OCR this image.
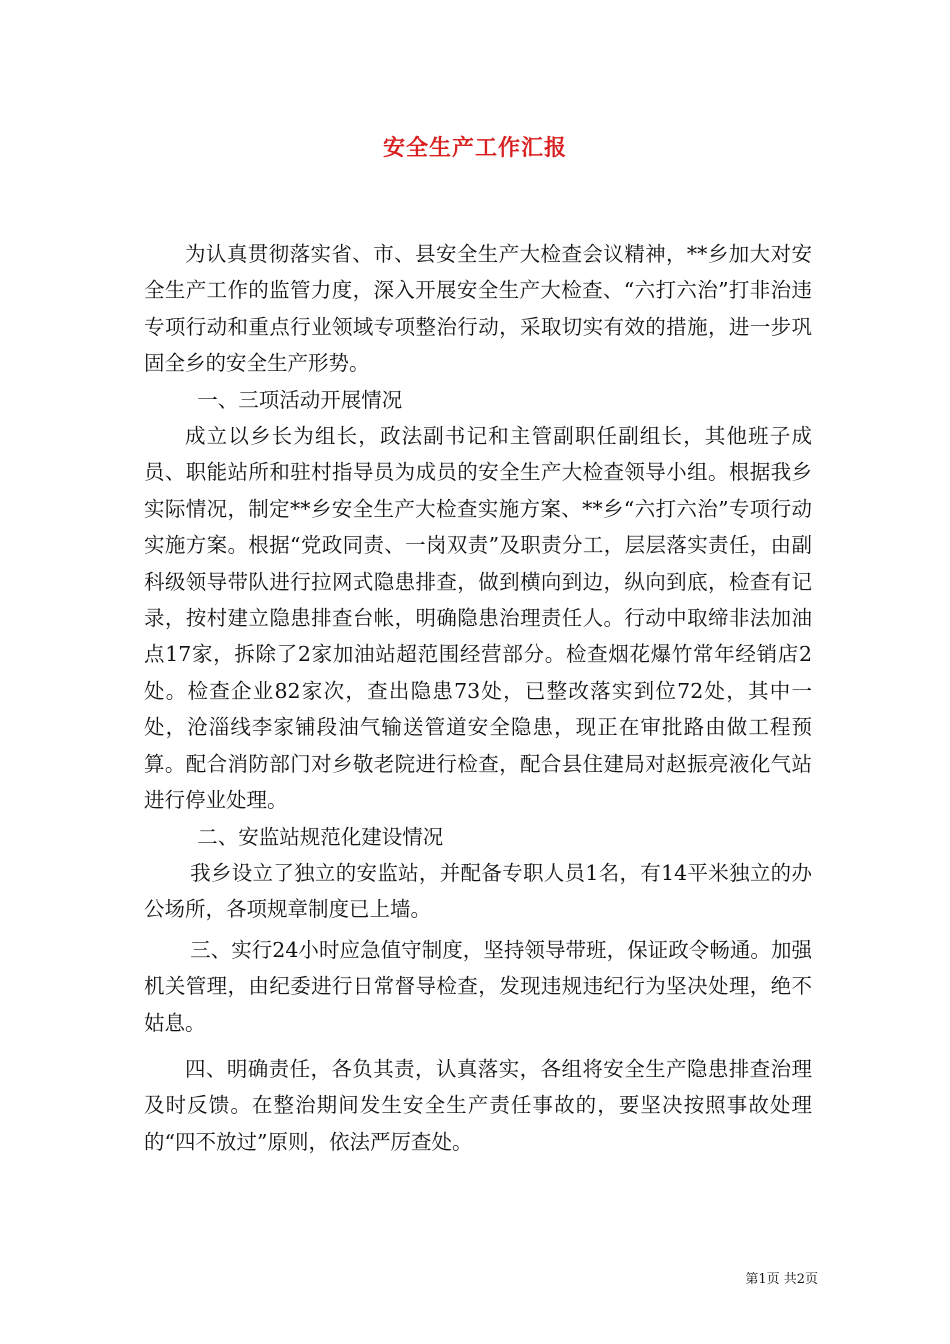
安全生产工作汇报

为认真贯彻落实省、市、县安全生产大检查会议精神，**乡加大对安全生产工作的监管力度，深入开展安全生产大检查、“六打六治”打非治违专项行动和重点行业领域专项整治行动，采取切实有效的措施，进一步巩固全乡的安全生产形势。

一、三项活动开展情况

成立以乡长为组长，政法副书记和主管副职任副组长，其他班子成员、职能站所和驻村指导员为成员的安全生产大检查领导小组。根据我乡实际情况，制定**乡安全生产大检查实施方案、**乡“六打六治”专项行动实施方案。根据“党政同责、一岗双责”及职责分工，层层落实责任，由副科级领导带队进行拉网式隐患排查，做到横向到边，纵向到底，检查有记录，按村建立隐患排查台帐，明确隐患治理责任人。行动中取缔非法加油点17家，拆除了2家加油站超范围经营部分。检查烟花爆竹常年经销店2处。检查企业82家次，查出隐患73处，已整改落实到位72处，其中一处，沧淄线李家铺段油气输送管道安全隐患，现正在审批路由做工程预算。配合消防部门对乡敬老院进行检查，配合县住建局对赵振亮液化气站进行停业处理。

二、安监站规范化建设情况

我乡设立了独立的安监站，并配备专职人员1名，有14平米独立的办公场所，各项规章制度已上墙。

三、实行24小时应急值守制度，坚持领导带班，保证政令畅通。加强机关管理，由纪委进行日常督导检查，发现违规违纪行为坚决处理，绝不姑息。

四、明确责任，各负其责，认真落实，各组将安全生产隐患排查治理及时反馈。在整治期间发生安全生产责任事故的，要坚决按照事故处理的“四不放过”原则，依法严厉查处。

第1页 共2页
